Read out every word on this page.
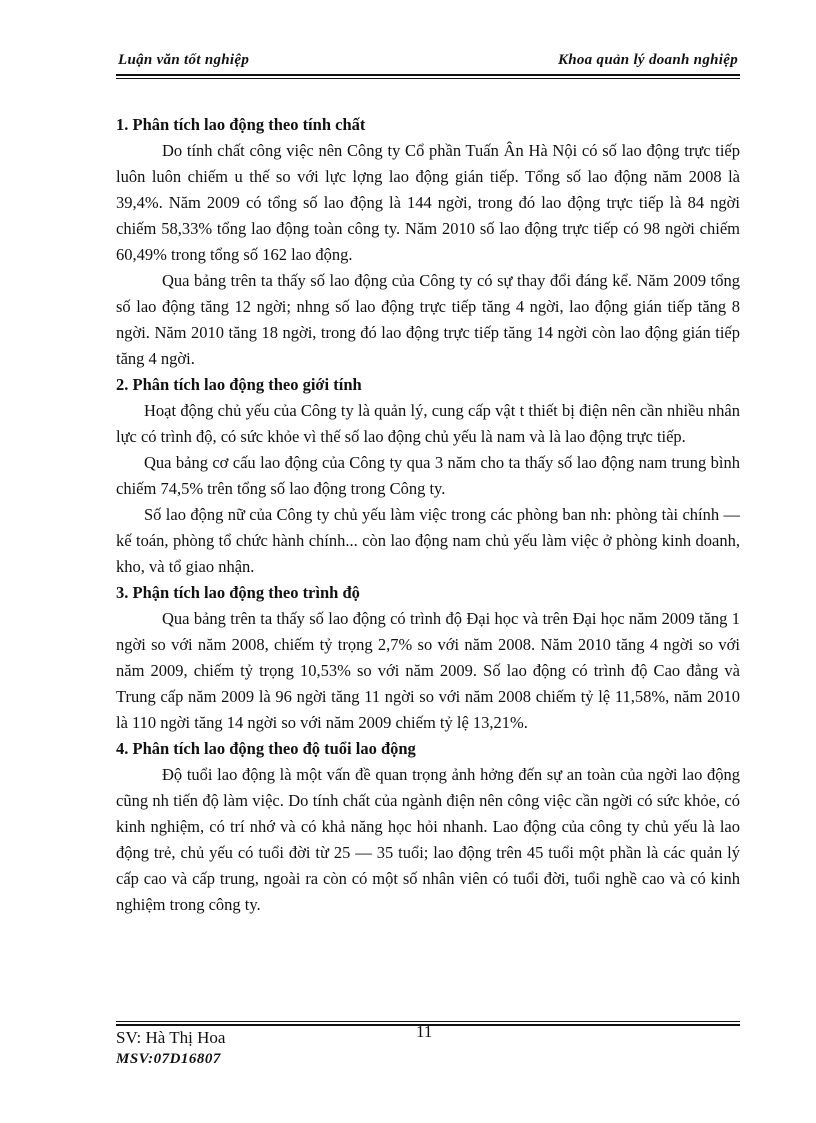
Luận văn tốt nghiệp	Khoa quản lý doanh nghiệp
1. Phân tích lao động theo tính chất

Do tính chất công việc nên Công ty Cổ phần Tuấn Ân Hà Nội có số lao động trực tiếp luôn luôn chiếm u thế so với lực lợng lao động gián tiếp. Tổng số lao động năm 2008 là 39,4%. Năm 2009 có tổng số lao động là 144 ngời, trong đó lao động trực tiếp là 84 ngời chiếm 58,33% tổng lao động toàn công ty. Năm 2010 số lao động trực tiếp có 98 ngời chiếm 60,49% trong tổng số 162 lao động.

Qua bảng trên ta thấy số lao động của Công ty có sự thay đổi đáng kể. Năm 2009 tổng số lao động tăng 12 ngời; nhng số lao động trực tiếp tăng 4 ngời, lao động gián tiếp tăng 8 ngời. Năm 2010 tăng 18 ngời, trong đó lao động trực tiếp tăng 14 ngời còn lao động gián tiếp tăng 4 ngời.

2. Phân tích lao động theo giới tính

Hoạt động chủ yếu của Công ty là quản lý, cung cấp vật t thiết bị điện nên cần nhiều nhân lực có trình độ, có sức khỏe vì thế số lao động chủ yếu là nam và là lao động trực tiếp.

Qua bảng cơ cấu lao động của Công ty qua 3 năm cho ta thấy số lao động nam trung bình chiếm 74,5% trên tổng số lao động trong Công ty.

Số lao động nữ của Công ty chủ yếu làm việc trong các phòng ban nh: phòng tài chính — kế toán, phòng tổ chức hành chính... còn lao động nam chủ yếu làm việc ở phòng kinh doanh, kho, và tổ giao nhận.

3. Phận tích lao động theo trình độ

Qua bảng trên ta thấy số lao động có trình độ Đại học và trên Đại học năm 2009 tăng 1 ngời so với năm 2008, chiếm tỷ trọng 2,7% so với năm 2008. Năm 2010 tăng 4 ngời so với năm 2009, chiếm tỷ trọng 10,53% so với năm 2009. Số lao động có trình độ Cao đẳng và Trung cấp năm 2009 là 96 ngời tăng 11 ngời so với năm 2008 chiếm tỷ lệ 11,58%, năm 2010 là 110 ngời tăng 14 ngời so với năm 2009 chiếm tỷ lệ 13,21%.

4. Phân tích lao động theo độ tuổi lao động

Độ tuổi lao động là một vấn đề quan trọng ảnh hởng đến sự an toàn của ngời lao động cũng nh tiến độ làm việc. Do tính chất của ngành điện nên công việc cần ngời có sức khỏe, có kinh nghiệm, có trí nhớ và có khả năng học hỏi nhanh. Lao động của công ty chủ yếu là lao động trẻ, chủ yếu có tuổi đời từ 25 — 35 tuổi; lao động trên 45 tuổi một phần là các quản lý cấp cao và cấp trung, ngoài ra còn có một số nhân viên có tuổi đời, tuổi nghề cao và có kinh nghiệm trong công ty.

11
SV: Hà Thị Hoa
MSV:07D16807
